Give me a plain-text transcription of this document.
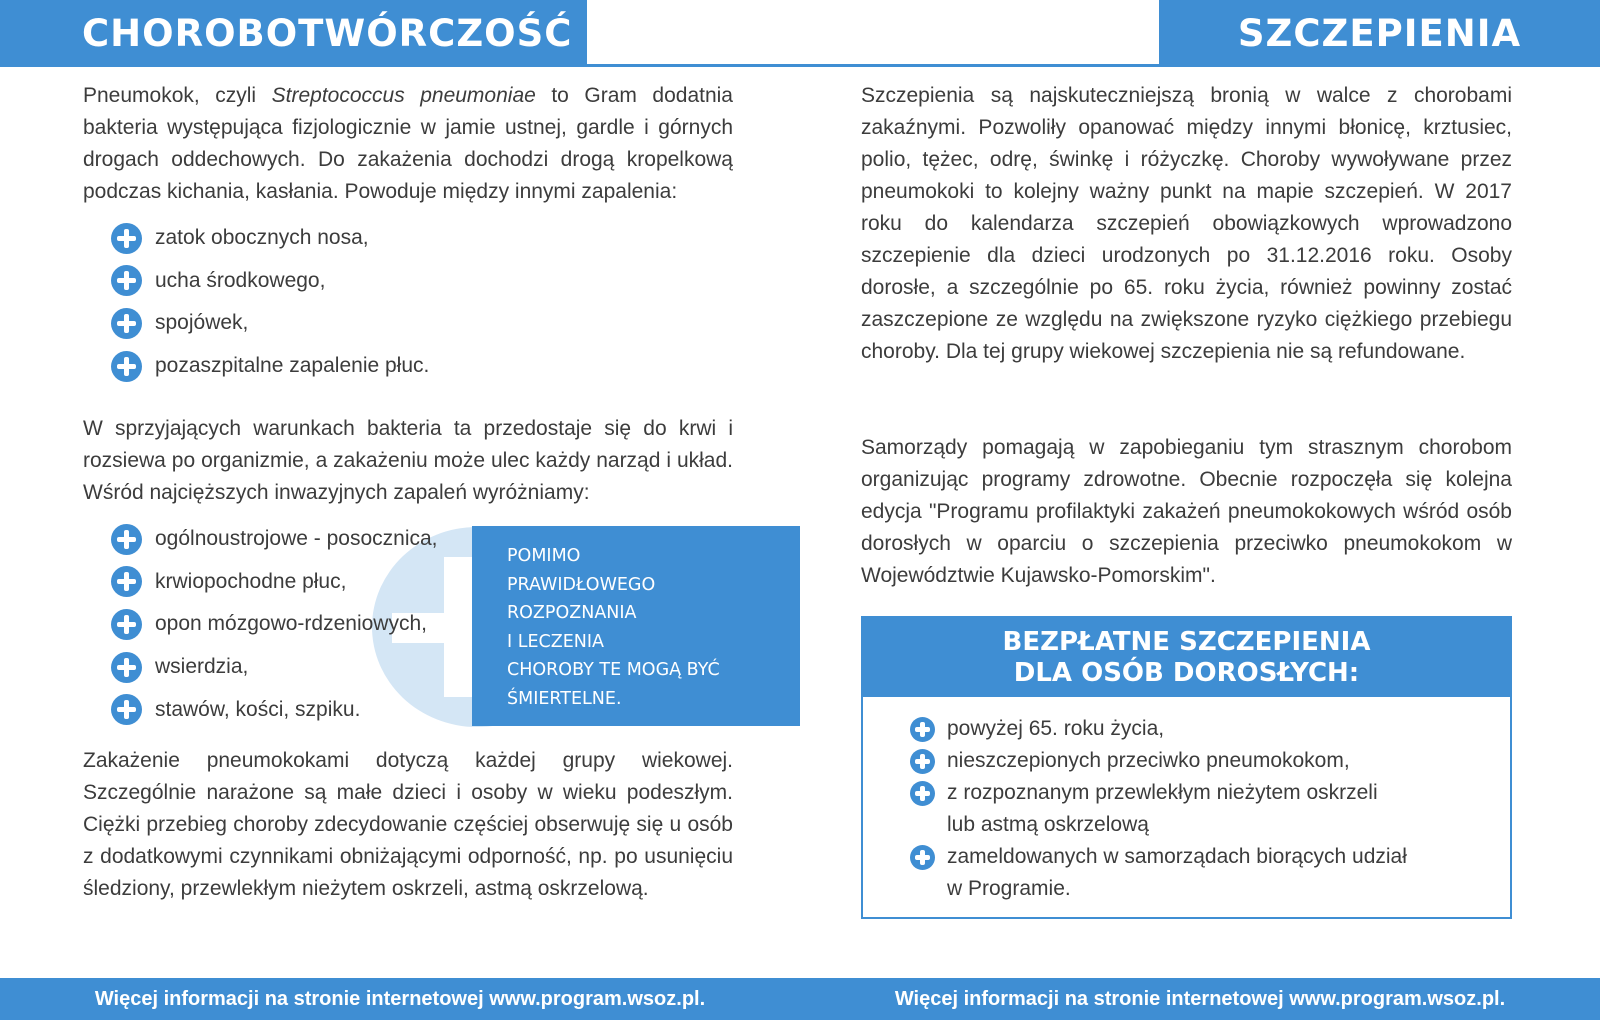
CHOROBOTWÓRCZOŚĆ	SZCZEPIENIA

Pneumokok, czyli Streptococcus pneumoniae to Gram dodatnia bakteria występująca fizjologicznie w jamie ustnej, gardle i górnych drogach oddechowych. Do zakażenia dochodzi drogą kropelkową podczas kichania, kasłania. Powoduje między innymi zapalenia:

zatok obocznych nosa,
ucha środkowego,
spojówek,
pozaszpitalne zapalenie płuc.

W sprzyjających warunkach bakteria ta przedostaje się do krwi i rozsiewa po organizmie, a zakażeniu może ulec każdy narząd i układ. Wśród najcięższych inwazyjnych zapaleń wyróżniamy:

ogólnoustrojowe - posocznica,
krwiopochodne płuc,
opon mózgowo-rdzeniowych,
wsierdzia,
stawów, kości, szpiku.
POMIMO
PRAWIDŁOWEGO
ROZPOZNANIA
I LECZENIA
CHOROBY TE MOGĄ BYĆ
ŚMIERTELNE.

Zakażenie pneumokokami dotyczą każdej grupy wiekowej. Szczególnie narażone są małe dzieci i osoby w wieku podeszłym. Ciężki przebieg choroby zdecydowanie częściej obserwuję się u osób z dodatkowymi czynnikami obniżającymi odporność, np. po usunięciu śledziony, przewlekłym nieżytem oskrzeli, astmą oskrzelową.

Szczepienia są najskuteczniejszą bronią w walce z chorobami zakaźnymi. Pozwoliły opanować między innymi błonicę, krztusiec, polio, tężec, odrę, świnkę i różyczkę. Choroby wywoływane przez pneumokoki to kolejny ważny punkt na mapie szczepień. W 2017 roku do kalendarza szczepień obowiązkowych wprowadzono szczepienie dla dzieci urodzonych po 31.12.2016 roku. Osoby dorosłe, a szczególnie po 65. roku życia, również powinny zostać zaszczepione ze względu na zwiększone ryzyko ciężkiego przebiegu choroby. Dla tej grupy wiekowej szczepienia nie są refundowane.

Samorządy pomagają w zapobieganiu tym strasznym chorobom organizując programy zdrowotne. Obecnie rozpoczęła się kolejna edycja "Programu profilaktyki zakażeń pneumokokowych wśród osób dorosłych w oparciu o szczepienia przeciwko pneumokokom w Województwie Kujawsko-Pomorskim".

BEZPŁATNE SZCZEPIENIA
DLA OSÓB DOROSŁYCH:
powyżej 65. roku życia,
nieszczepionych przeciwko pneumokokom,
z rozpoznanym przewlekłym nieżytem oskrzeli
lub astmą oskrzelową
zameldowanych w samorządach biorących udział
w Programie.
Więcej informacji na stronie internetowej www.program.wsoz.pl.	Więcej informacji na stronie internetowej www.program.wsoz.pl.
